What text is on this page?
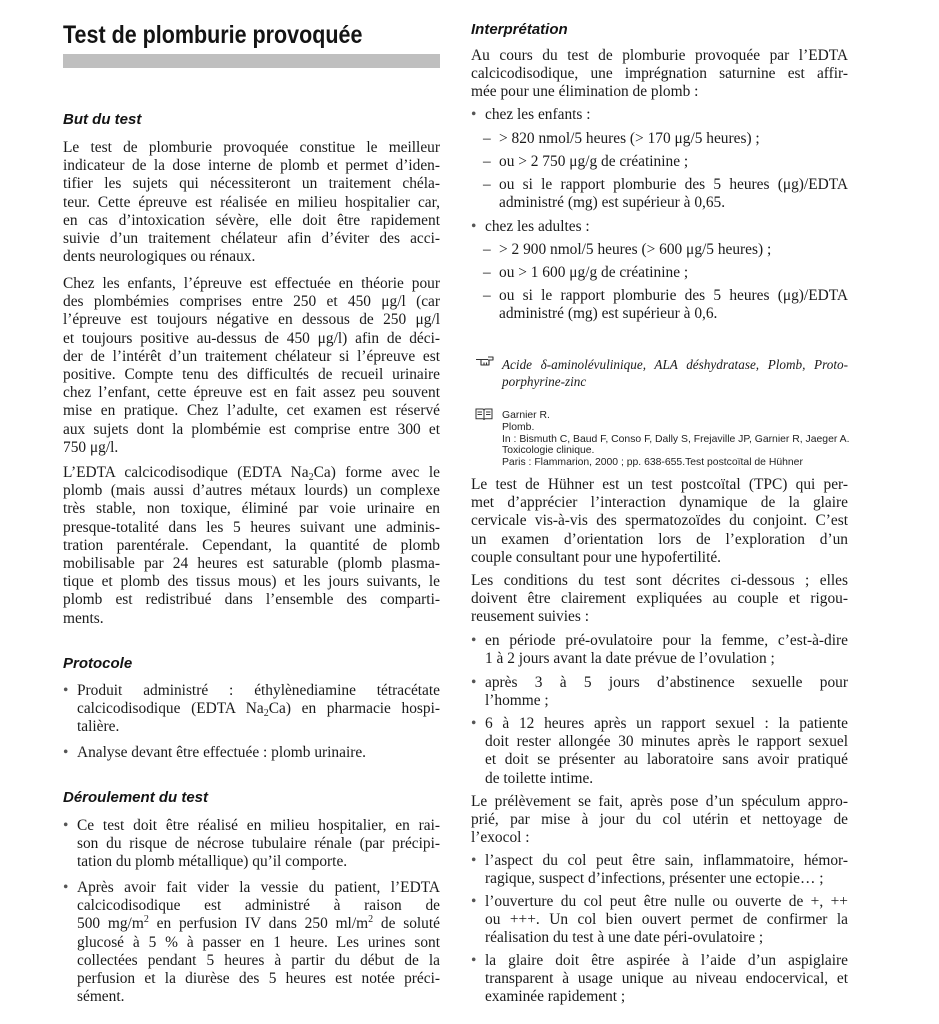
Test de plomburie provoquée
But du test
Le test de plomburie provoquée constitue le meilleur
indicateur de la dose interne de plomb et permet d’iden-
tifier les sujets qui nécessiteront un traitement chéla-
teur. Cette épreuve est réalisée en milieu hospitalier car,
en cas d’intoxication sévère, elle doit être rapidement
suivie d’un traitement chélateur afin d’éviter des acci-
dents neurologiques ou rénaux.
Chez les enfants, l’épreuve est effectuée en théorie pour
des plombémies comprises entre 250 et 450 μg/l (car
l’épreuve est toujours négative en dessous de 250 μg/l
et toujours positive au-dessus de 450 μg/l) afin de déci-
der de l’intérêt d’un traitement chélateur si l’épreuve est
positive. Compte tenu des difficultés de recueil urinaire
chez l’enfant, cette épreuve est en fait assez peu souvent
mise en pratique. Chez l’adulte, cet examen est réservé
aux sujets dont la plombémie est comprise entre 300 et
750 μg/l.
L’EDTA calcicodisodique (EDTA $Na_2Ca$) forme avec le
plomb (mais aussi d’autres métaux lourds) un complexe
très stable, non toxique, éliminé par voie urinaire en
presque-totalité dans les 5 heures suivant une adminis-
tration parentérale. Cependant, la quantité de plomb
mobilisable par 24 heures est saturable (plomb plasma-
tique et plomb des tissus mous) et les jours suivants, le
plomb est redistribué dans l’ensemble des comparti-
ments.
Protocole
• Produit administré : éthylènediamine tétracétate
calcicodisodique (EDTA $Na_2Ca$) en pharmacie hospi-
talière.
• Analyse devant être effectuée : plomb urinaire.
Déroulement du test
• Ce test doit être réalisé en milieu hospitalier, en rai-
son du risque de nécrose tubulaire rénale (par précipi-
tation du plomb métallique) qu’il comporte.
• Après avoir fait vider la vessie du patient, l’EDTA
calcicodisodique est administré à raison de
500 $mg/m^2$ en perfusion IV dans 250 $ml/m^2$ de soluté
glucosé à 5 % à passer en 1 heure. Les urines sont
collectées pendant 5 heures à partir du début de la
perfusion et la diurèse des 5 heures est notée préci-
sément.
Interprétation
Au cours du test de plomburie provoquée par l’EDTA
calcicodisodique, une imprégnation saturnine est affir-
mée pour une élimination de plomb :
• chez les enfants :
– > 820 nmol/5 heures (> 170 μg/5 heures) ;
– ou > 2 750 μg/g de créatinine ;
– ou si le rapport plomburie des 5 heures (μg)/EDTA
administré (mg) est supérieur à 0,65.
• chez les adultes :
– > 2 900 nmol/5 heures (> 600 μg/5 heures) ;
– ou > 1 600 μg/g de créatinine ;
– ou si le rapport plomburie des 5 heures (μg)/EDTA
administré (mg) est supérieur à 0,6.
Acide δ-aminolévulinique, ALA déshydratase, Plomb, Proto-
porphyrine-zinc
Garnier R.
Plomb.
In : Bismuth C, Baud F, Conso F, Dally S, Frejaville JP, Garnier R, Jaeger A.
Toxicologie clinique.
Paris : Flammarion, 2000 ; pp. 638-655.Test postcoïtal de Hühner
Le test de Hühner est un test postcoïtal (TPC) qui per-
met d’apprécier l’interaction dynamique de la glaire
cervicale vis-à-vis des spermatozoïdes du conjoint. C’est
un examen d’orientation lors de l’exploration d’un
couple consultant pour une hypofertilité.
Les conditions du test sont décrites ci-dessous ; elles
doivent être clairement expliquées au couple et rigou-
reusement suivies :
• en période pré-ovulatoire pour la femme, c’est-à-dire
1 à 2 jours avant la date prévue de l’ovulation ;
• après 3 à 5 jours d’abstinence sexuelle pour
l’homme ;
• 6 à 12 heures après un rapport sexuel : la patiente
doit rester allongée 30 minutes après le rapport sexuel
et doit se présenter au laboratoire sans avoir pratiqué
de toilette intime.
Le prélèvement se fait, après pose d’un spéculum appro-
prié, par mise à jour du col utérin et nettoyage de
l’exocol :
• l’aspect du col peut être sain, inflammatoire, hémor-
ragique, suspect d’infections, présenter une ectopie… ;
• l’ouverture du col peut être nulle ou ouverte de +, ++
ou +++. Un col bien ouvert permet de confirmer la
réalisation du test à une date péri-ovulatoire ;
• la glaire doit être aspirée à l’aide d’un aspiglaire
transparent à usage unique au niveau endocervical, et
examinée rapidement ;
